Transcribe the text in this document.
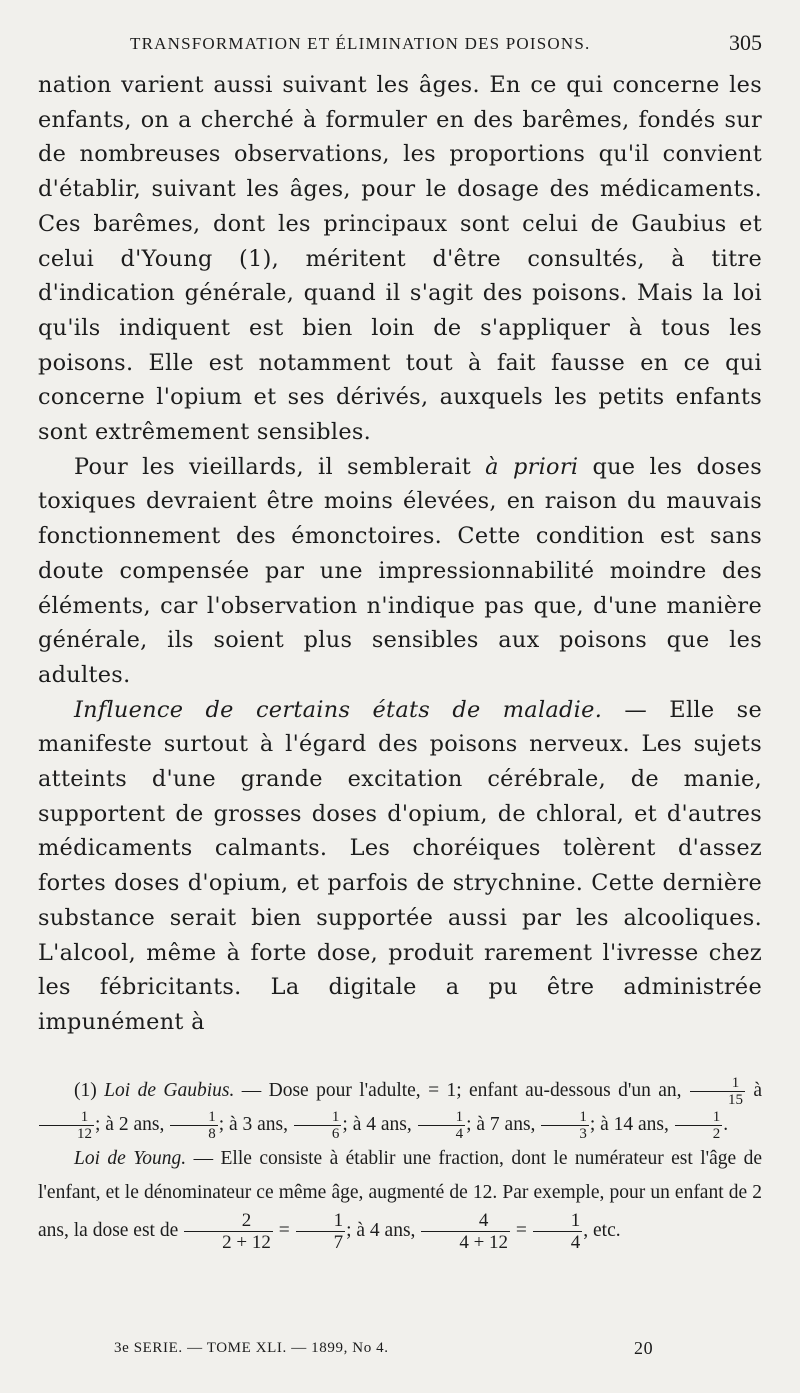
TRANSFORMATION ET ÉLIMINATION DES POISONS.	305

nation varient aussi suivant les âges. En ce qui concerne les enfants, on a cherché à formuler en des barêmes, fondés sur de nombreuses observations, les proportions qu'il convient d'établir, suivant les âges, pour le dosage des médicaments. Ces barêmes, dont les principaux sont celui de Gaubius et celui d'Young (1), méritent d'être consultés, à titre d'indication générale, quand il s'agit des poisons. Mais la loi qu'ils indiquent est bien loin de s'appliquer à tous les poisons. Elle est notamment tout à fait fausse en ce qui concerne l'opium et ses dérivés, auxquels les petits enfants sont extrêmement sensibles.

Pour les vieillards, il semblerait à priori que les doses toxiques devraient être moins élevées, en raison du mauvais fonctionnement des émonctoires. Cette condition est sans doute compensée par une impressionnabilité moindre des éléments, car l'observation n'indique pas que, d'une manière générale, ils soient plus sensibles aux poisons que les adultes.

Influence de certains états de maladie. — Elle se manifeste surtout à l'égard des poisons nerveux. Les sujets atteints d'une grande excitation cérébrale, de manie, supportent de grosses doses d'opium, de chloral, et d'autres médicaments calmants. Les choréiques tolèrent d'assez fortes doses d'opium, et parfois de strychnine. Cette dernière substance serait bien supportée aussi par les alcooliques. L'alcool, même à forte dose, produit rarement l'ivresse chez les fébricitants. La digitale a pu être administrée impunément à

(1) Loi de Gaubius. — Dose pour l'adulte, = 1; enfant au-dessous d'un an, $\frac{1}{15}$ à
$\frac{1}{12}$ ; à 2 ans, $\frac{1}{8}$ ; à 3 ans, $\frac{1}{6}$ ; à 4 ans, $\frac{1}{4}$ ; à 7 ans, $\frac{1}{3}$ ; à 14 ans, $\frac{1}{2}$ .

Loi de Young. — Elle consiste à établir une fraction, dont le numérateur est l'âge de l'enfant, et le dénominateur ce même âge, augmenté de 12. Par exemple, pour un enfant de 2 ans, la dose est de $\frac{2}{2 + 12} = \frac{1}{7}$ ; à 4 ans, $\frac{4}{4 + 12} = \frac{1}{4}$ , etc.

3e SERIE. — TOME XLI. — 1899, No 4.	20
